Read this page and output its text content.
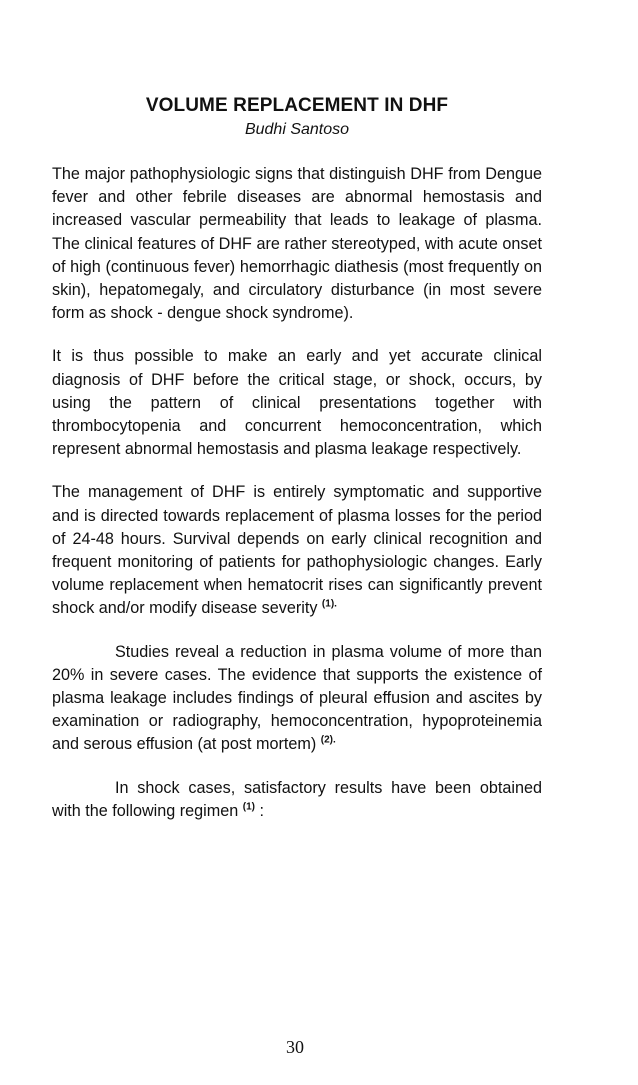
VOLUME REPLACEMENT IN DHF

Budhi Santoso

The major pathophysiologic signs that distinguish DHF from Dengue fever and other febrile diseases are abnormal hemostasis and increased vascular permeability that leads to leakage of plasma. The clinical features of DHF are rather stereotyped, with acute onset of high (continuous fever) hemorrhagic diathesis (most frequently on skin), hepatomegaly, and circulatory disturbance (in most severe form as shock - dengue shock syndrome).

It is thus possible to make an early and yet accurate clinical diagnosis of DHF before the critical stage, or shock, occurs, by using the pattern of clinical presentations together with thrombocytopenia and concurrent hemoconcentration, which represent abnormal hemostasis and plasma leakage respectively.

The management of DHF is entirely symptomatic and supportive and is directed towards replacement of plasma losses for the period of 24-48 hours. Survival depends on early clinical recognition and frequent monitoring of patients for pathophysiologic changes. Early volume replacement when hematocrit rises can significantly prevent shock and/or modify disease severity $^{(1).}$

Studies reveal a reduction in plasma volume of more than 20% in severe cases. The evidence that supports the existence of plasma leakage includes findings of pleural effusion and ascites by examination or radiography, hemoconcentration, hypoproteinemia and serous effusion (at post mortem) $^{(2).}$

In shock cases, satisfactory results have been obtained with the following regimen $^{(1)}$ :

30
